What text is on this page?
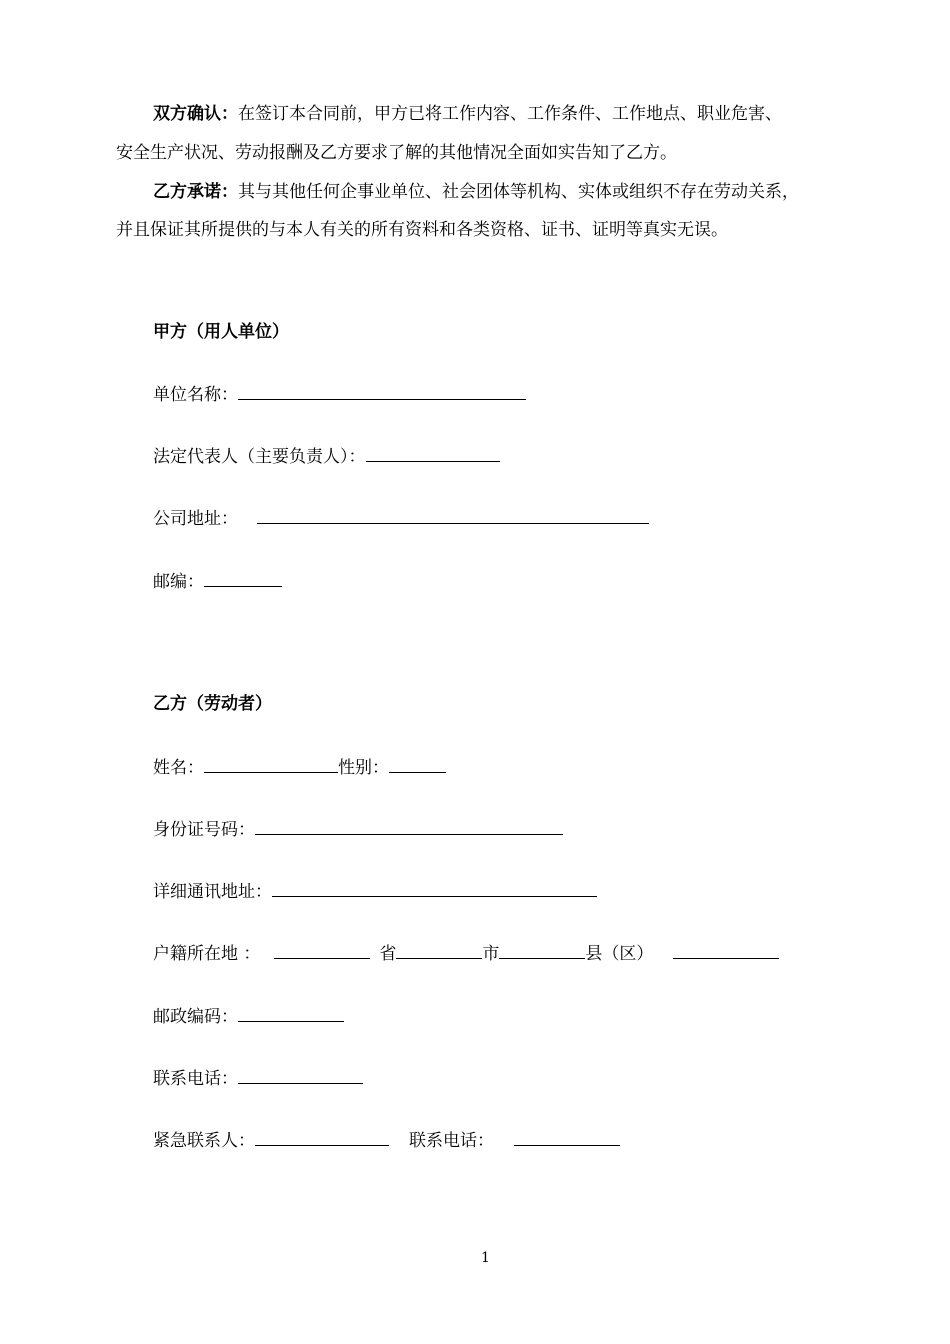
双方确认：在签订本合同前，甲方已将工作内容、工作条件、工作地点、职业危害、
安全生产状况、劳动报酬及乙方要求了解的其他情况全面如实告知了乙方。
乙方承诺：其与其他任何企事业单位、社会团体等机构、实体或组织不存在劳动关系，
并且保证其所提供的与本人有关的所有资料和各类资格、证书、证明等真实无误。
甲方（用人单位）
单位名称：
法定代表人（主要负责人）：
公司地址：
邮编：
乙方（劳动者）
姓名：	性别：
身份证号码：
详细通讯地址：
户籍所在地 ：	省	市	县（区）
邮政编码：
联系电话：
紧急联系人：	联系电话：
1
